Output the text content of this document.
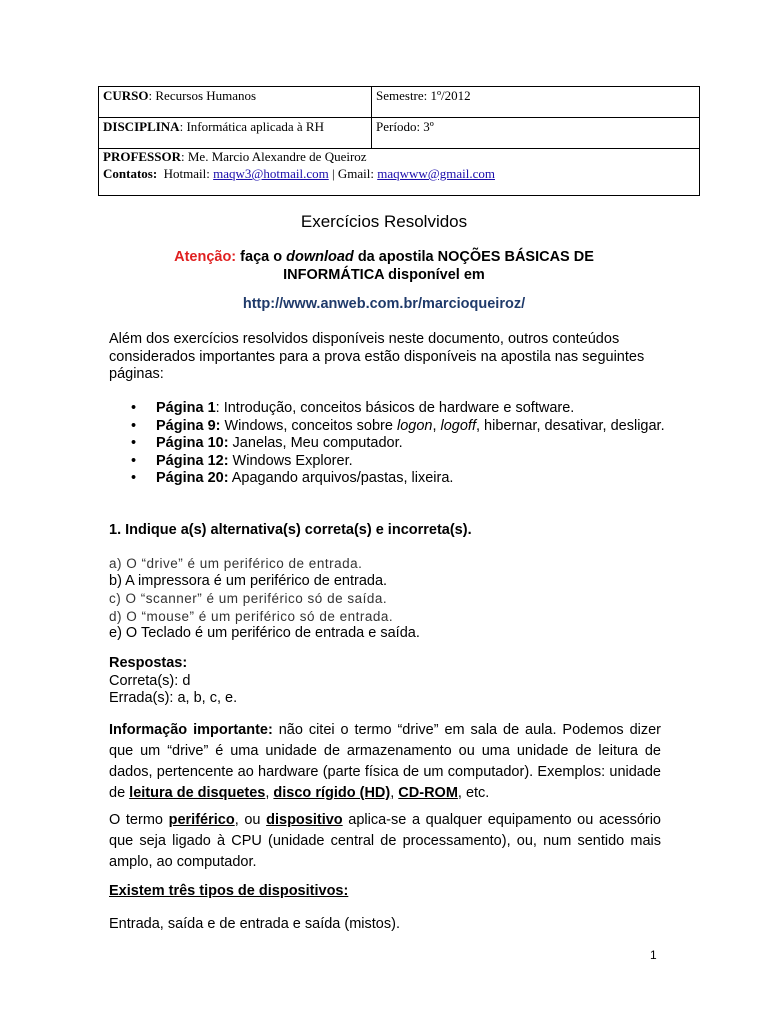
CURSO: Recursos Humanos	Semestre: 1º/2012
DISCIPLINA: Informática aplicada à RH	Período: 3º

PROFESSOR: Me. Marcio Alexandre de Queiroz
Contatos: Hotmail: maqw3@hotmail.com | Gmail: maqwww@gmail.com	
Exercícios Resolvidos
Atenção: faça o download da apostila NOÇÕES BÁSICAS DE INFORMÁTICA disponível em
http://www.anweb.com.br/marcioqueiroz/
Além dos exercícios resolvidos disponíveis neste documento, outros conteúdos considerados importantes para a prova estão disponíveis na apostila nas seguintes páginas:
• Página 1: Introdução, conceitos básicos de hardware e software.
• Página 9: Windows, conceitos sobre logon, logoff, hibernar, desativar, desligar.
• Página 10: Janelas, Meu computador.
• Página 12: Windows Explorer.
• Página 20: Apagando arquivos/pastas, lixeira.
1. Indique a(s) alternativa(s) correta(s) e incorreta(s).
a) O “drive” é um periférico de entrada.
b) A impressora é um periférico de entrada.
c) O “scanner” é um periférico só de saída.
d) O “mouse” é um periférico só de entrada.
e) O Teclado é um periférico de entrada e saída.
Respostas:
Correta(s): d
Errada(s): a, b, c, e.
Informação importante: não citei o termo “drive” em sala de aula. Podemos dizer que um “drive” é uma unidade de armazenamento ou uma unidade de leitura de dados, pertencente ao hardware (parte física de um computador). Exemplos: unidade de leitura de disquetes, disco rígido (HD), CD-ROM, etc.
O termo periférico, ou dispositivo aplica-se a qualquer equipamento ou acessório que seja ligado à CPU (unidade central de processamento), ou, num sentido mais amplo, ao computador.
Existem três tipos de dispositivos:
Entrada, saída e de entrada e saída (mistos).
1
